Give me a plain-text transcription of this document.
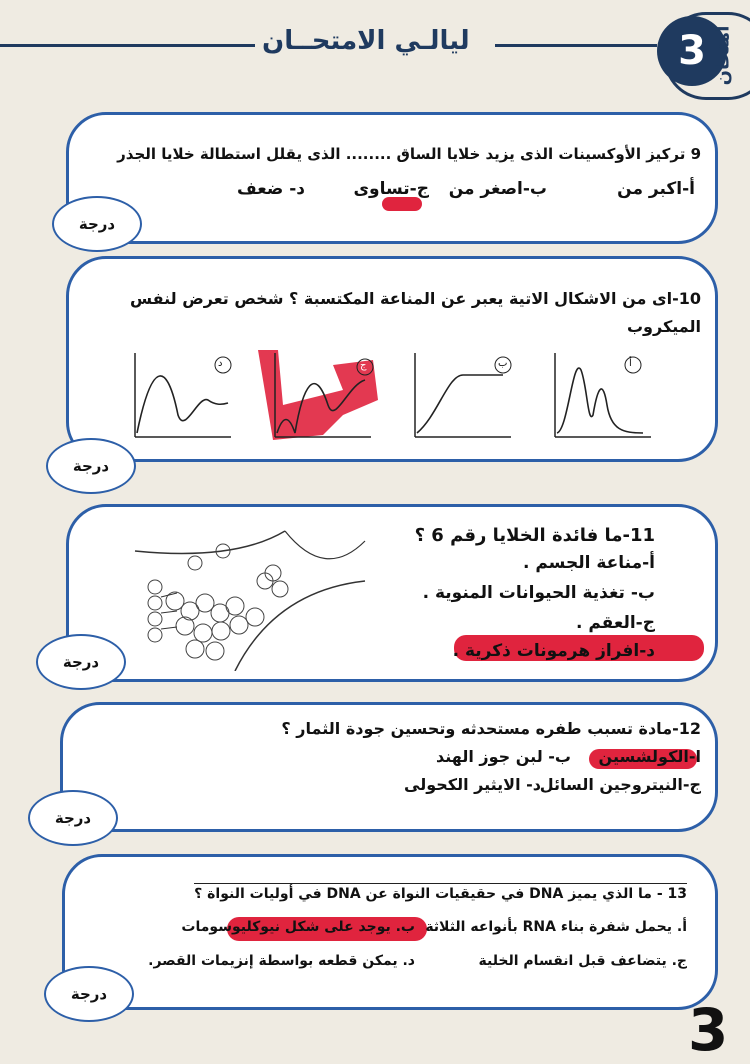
ليالـي الامتحــان	3 امتحان
9 تركيز الأوكسينات الذى يزيد خلايا الساق ........ الذى يقلل استطالة خلايا الجذر
أ-اكبر من
ب-اصغر من
ج-تساوى
د- ضعف
درجة
10-اى من الاشكال الاتية يعبر عن المناعة المكتسبة ؟ شخص تعرض لنفس
الميكروب
د	ج	ب	أ
درجة
11-ما فائدة الخلايا رقم 6 ؟
أ-مناعة الجسم .
ب- تغذية الحيوانات المنوية .
ج-العقم .
د-افراز هرمونات ذكرية .
درجة
12-مادة تسبب طفره مستحدثه وتحسين جودة الثمار ؟
ا-الكولشسين
ب- لبن جوز الهند
ج-النيتروجين السائل
د- الايثير الكحولى
درجة
13 - ما الذي يميز DNA في حقيقيات النواة عن DNA في أوليات النواة ؟
أ. يحمل شفرة بناء RNA بأنواعه الثلاثة
ب. يوجد على شكل نيوكليوسومات
ج. يتضاعف قبل انقسام الخلية
د. يمكن قطعه بواسطة إنزيمات القصر.
درجة
3
